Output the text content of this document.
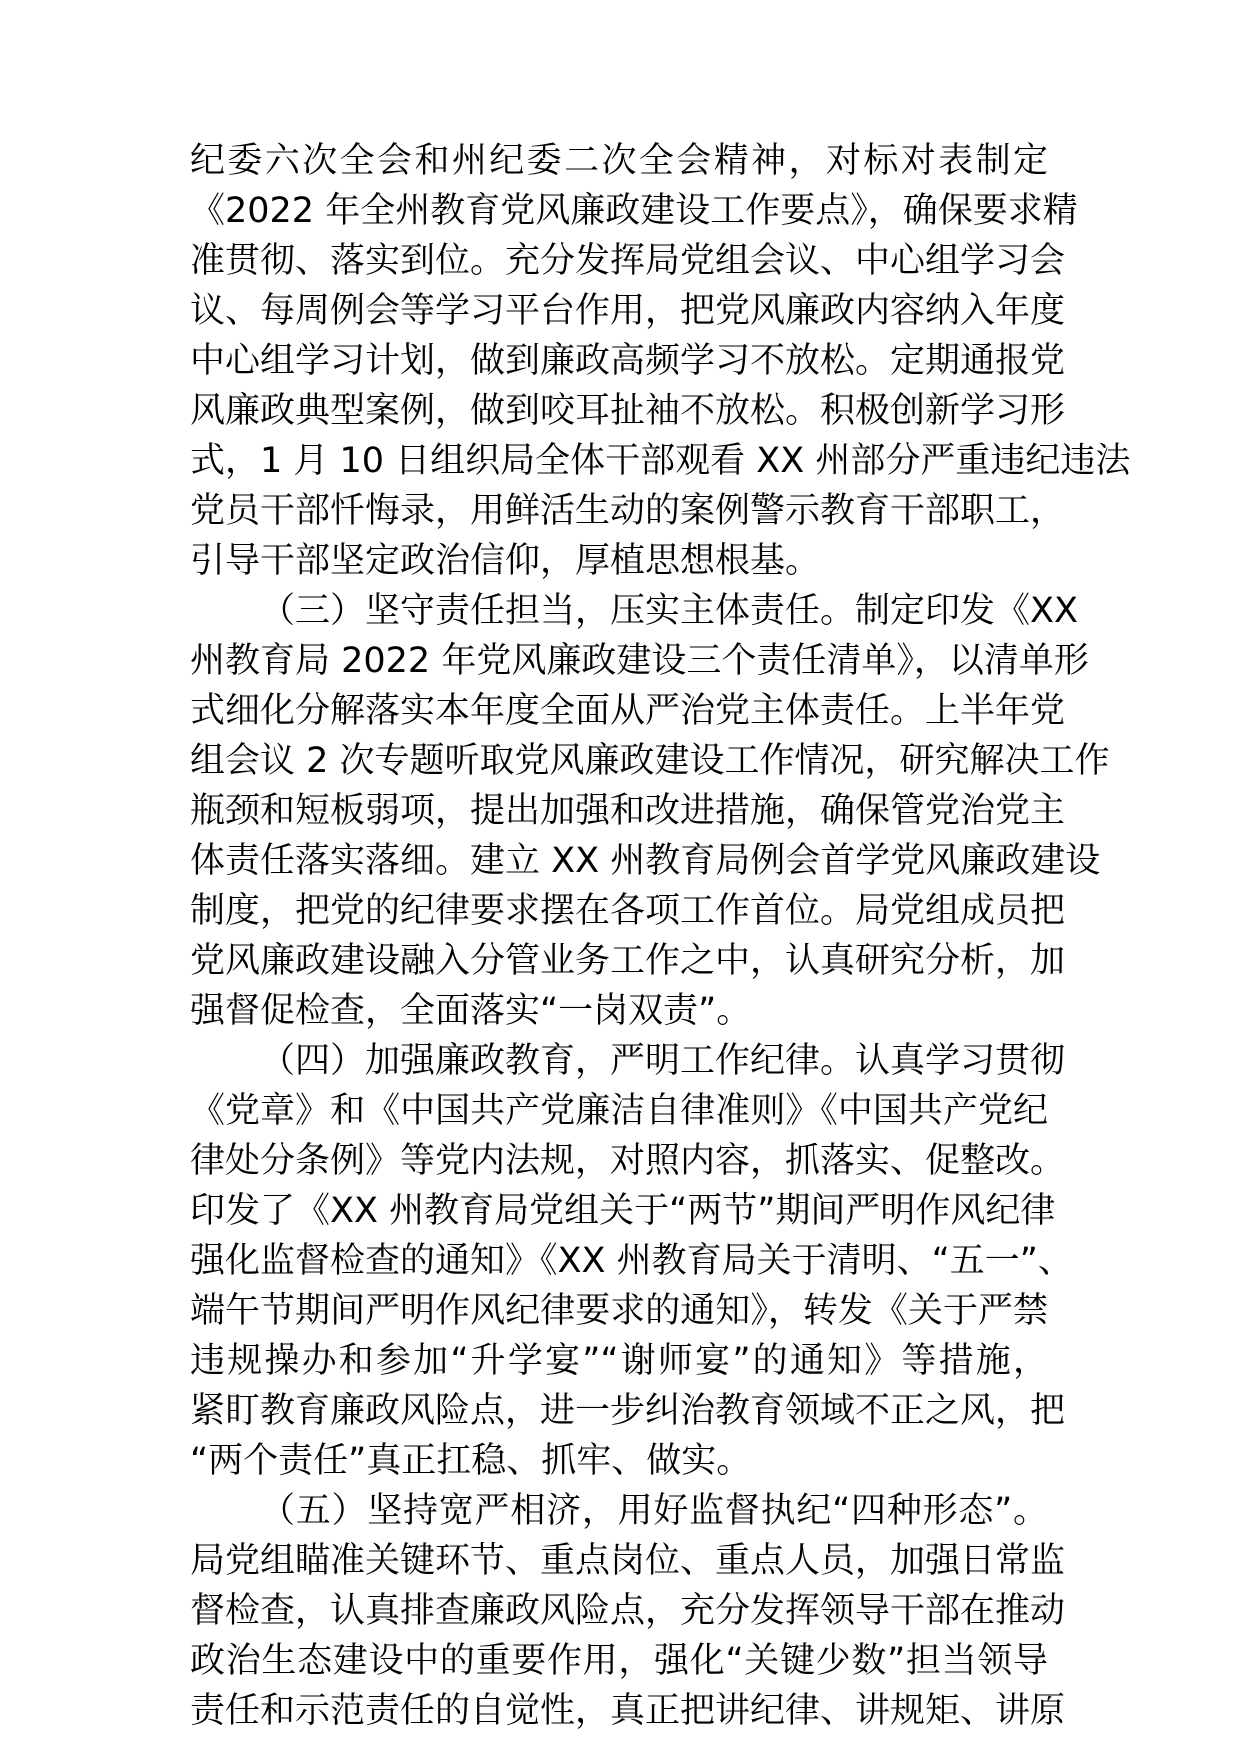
纪委六次全会和州纪委二次全会精神，对标对表制定

《2022 年全州教育党风廉政建设工作要点》，确保要求精

准贯彻、落实到位。充分发挥局党组会议、中心组学习会

议、每周例会等学习平台作用，把党风廉政内容纳入年度

中心组学习计划，做到廉政高频学习不放松。定期通报党

风廉政典型案例，做到咬耳扯袖不放松。积极创新学习形

式，1 月 10 日组织局全体干部观看 XX 州部分严重违纪违法

党员干部忏悔录，用鲜活生动的案例警示教育干部职工，

引导干部坚定政治信仰，厚植思想根基。

（三）坚守责任担当，压实主体责任。制定印发《XX

州教育局 2022 年党风廉政建设三个责任清单》，以清单形

式细化分解落实本年度全面从严治党主体责任。上半年党

组会议 2 次专题听取党风廉政建设工作情况，研究解决工作

瓶颈和短板弱项，提出加强和改进措施，确保管党治党主

体责任落实落细。建立 XX 州教育局例会首学党风廉政建设

制度，把党的纪律要求摆在各项工作首位。局党组成员把

党风廉政建设融入分管业务工作之中，认真研究分析，加

强督促检查，全面落实“一岗双责”。

（四）加强廉政教育，严明工作纪律。认真学习贯彻

《党章》和《中国共产党廉洁自律准则》《中国共产党纪

律处分条例》等党内法规，对照内容，抓落实、促整改。

印发了《XX 州教育局党组关于“两节”期间严明作风纪律

强化监督检查的通知》《XX 州教育局关于清明、“五一”、

端午节期间严明作风纪律要求的通知》，转发《关于严禁

违规操办和参加“升学宴”“谢师宴”的通知》等措施，

紧盯教育廉政风险点，进一步纠治教育领域不正之风，把

“两个责任”真正扛稳、抓牢、做实。

（五）坚持宽严相济，用好监督执纪“四种形态”。

局党组瞄准关键环节、重点岗位、重点人员，加强日常监

督检查，认真排查廉政风险点，充分发挥领导干部在推动

政治生态建设中的重要作用，强化“关键少数”担当领导

责任和示范责任的自觉性，真正把讲纪律、讲规矩、讲原
